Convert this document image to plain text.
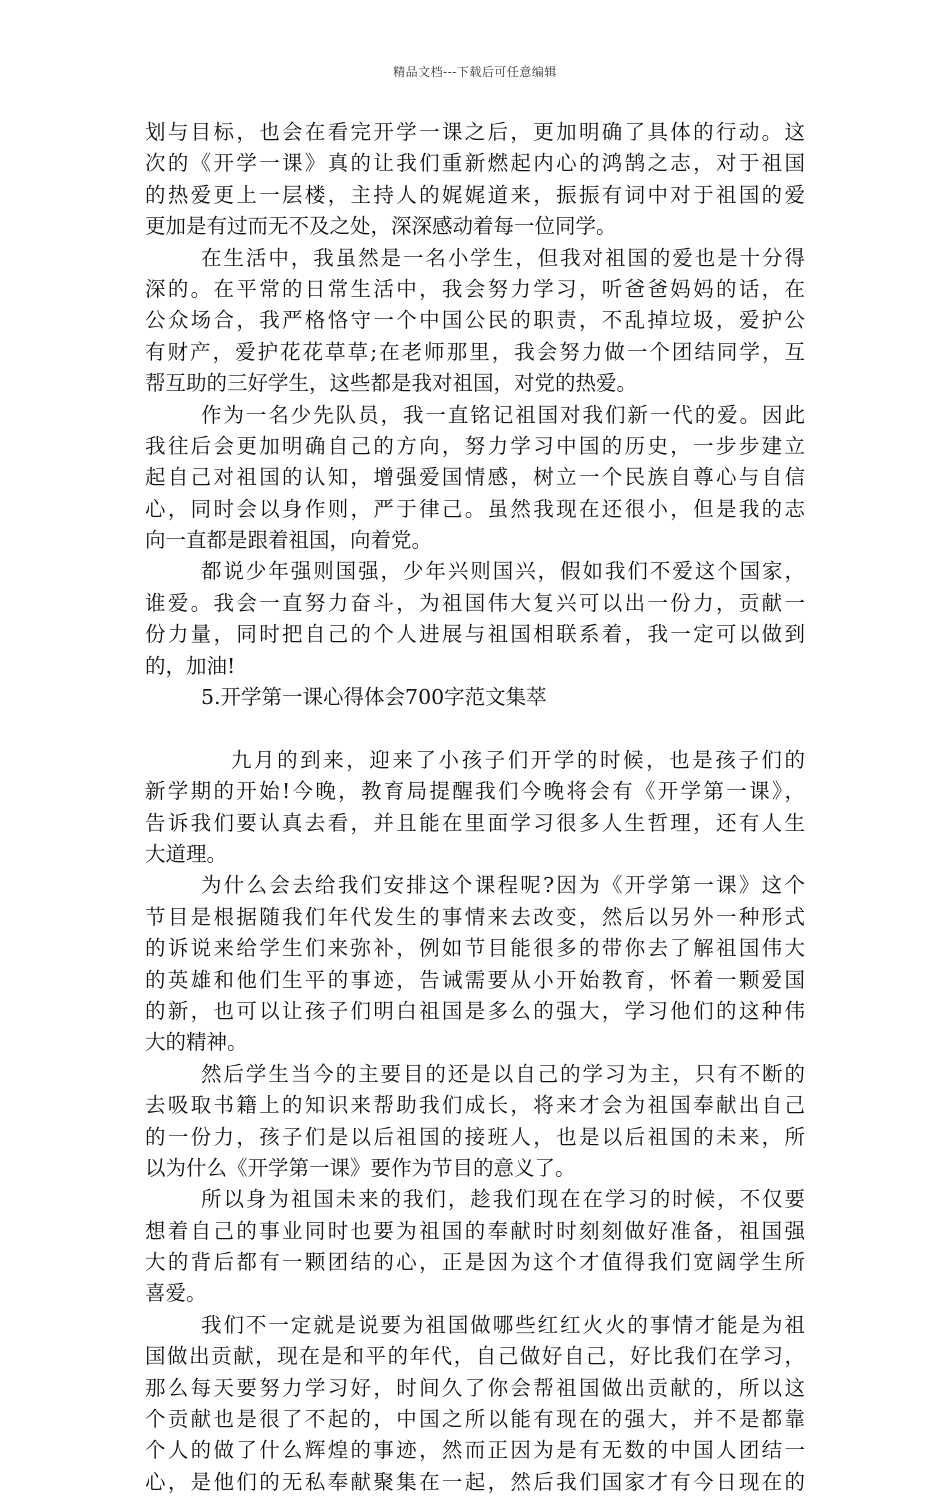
精品文档---下载后可任意编辑
划与目标，也会在看完开学一课之后，更加明确了具体的行动。这
次的《开学一课》真的让我们重新燃起内心的鸿鹄之志，对于祖国
的热爱更上一层楼，主持人的娓娓道来，振振有词中对于祖国的爱
更加是有过而无不及之处，深深感动着每一位同学。
在生活中，我虽然是一名小学生，但我对祖国的爱也是十分得
深的。在平常的日常生活中，我会努力学习，听爸爸妈妈的话，在
公众场合，我严格恪守一个中国公民的职责，不乱掉垃圾，爱护公
有财产，爱护花花草草;在老师那里，我会努力做一个团结同学，互
帮互助的三好学生，这些都是我对祖国，对党的热爱。
作为一名少先队员，我一直铭记祖国对我们新一代的爱。因此
我往后会更加明确自己的方向，努力学习中国的历史，一步步建立
起自己对祖国的认知，增强爱国情感，树立一个民族自尊心与自信
心，同时会以身作则，严于律己。虽然我现在还很小，但是我的志
向一直都是跟着祖国，向着党。
都说少年强则国强，少年兴则国兴，假如我们不爱这个国家，
谁爱。我会一直努力奋斗，为祖国伟大复兴可以出一份力，贡献一
份力量，同时把自己的个人进展与祖国相联系着，我一定可以做到
的，加油!
5.开学第一课心得体会700字范文集萃
九月的到来，迎来了小孩子们开学的时候，也是孩子们的
新学期的开始!今晚，教育局提醒我们今晚将会有《开学第一课》，
告诉我们要认真去看，并且能在里面学习很多人生哲理，还有人生
大道理。
为什么会去给我们安排这个课程呢?因为《开学第一课》这个
节目是根据随我们年代发生的事情来去改变，然后以另外一种形式
的诉说来给学生们来弥补，例如节目能很多的带你去了解祖国伟大
的英雄和他们生平的事迹，告诫需要从小开始教育，怀着一颗爱国
的新，也可以让孩子们明白祖国是多么的强大，学习他们的这种伟
大的精神。
然后学生当今的主要目的还是以自己的学习为主，只有不断的
去吸取书籍上的知识来帮助我们成长，将来才会为祖国奉献出自己
的一份力，孩子们是以后祖国的接班人，也是以后祖国的未来，所
以为什么《开学第一课》要作为节目的意义了。
所以身为祖国未来的我们，趁我们现在在学习的时候，不仅要
想着自己的事业同时也要为祖国的奉献时时刻刻做好准备，祖国强
大的背后都有一颗团结的心，正是因为这个才值得我们宽阔学生所
喜爱。
我们不一定就是说要为祖国做哪些红红火火的事情才能是为祖
国做出贡献，现在是和平的年代，自己做好自己，好比我们在学习，
那么每天要努力学习好，时间久了你会帮祖国做出贡献的，所以这
个贡献也是很了不起的，中国之所以能有现在的强大，并不是都靠
个人的做了什么辉煌的事迹，然而正因为是有无数的中国人团结一
心，是他们的无私奉献聚集在一起，然后我们国家才有今日现在的
